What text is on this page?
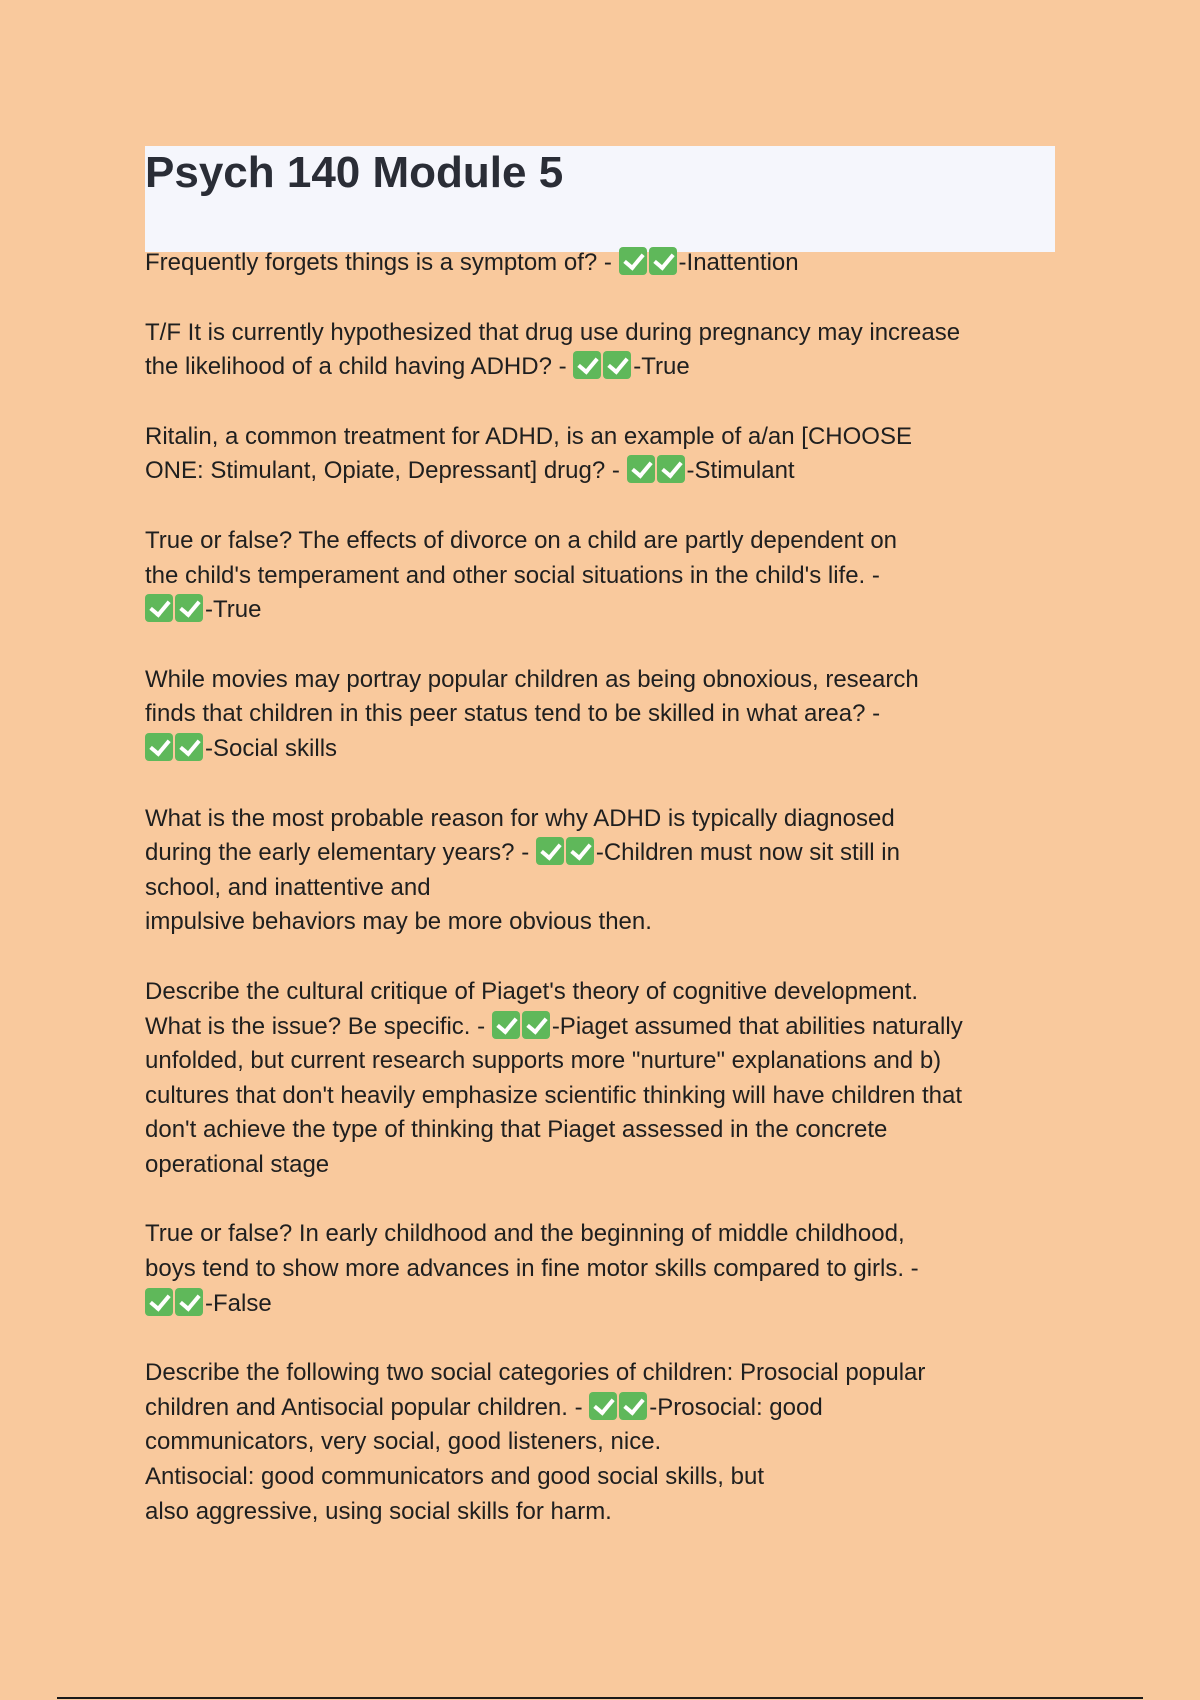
Psych 140 Module 5
Frequently forgets things is a symptom of? -	-Inattention
T/F It is currently hypothesized that drug use during pregnancy may increase
the likelihood of a child having ADHD? -	-True
Ritalin, a common treatment for ADHD, is an example of a/an [CHOOSE
ONE: Stimulant, Opiate, Depressant] drug? -	-Stimulant
True or false? The effects of divorce on a child are partly dependent on
the child's temperament and other social situations in the child's life. -
-True
While movies may portray popular children as being obnoxious, research
finds that children in this peer status tend to be skilled in what area? -
-Social skills
What is the most probable reason for why ADHD is typically diagnosed
during the early elementary years? -	-Children must now sit still in
school, and inattentive and
impulsive behaviors may be more obvious then.
Describe the cultural critique of Piaget's theory of cognitive development.
What is the issue? Be specific. -	-Piaget assumed that abilities naturally
unfolded, but current research supports more "nurture" explanations and b)
cultures that don't heavily emphasize scientific thinking will have children that
don't achieve the type of thinking that Piaget assessed in the concrete
operational stage
True or false? In early childhood and the beginning of middle childhood,
boys tend to show more advances in fine motor skills compared to girls. -
-False
Describe the following two social categories of children: Prosocial popular
children and Antisocial popular children. -	-Prosocial: good
communicators, very social, good listeners, nice.
Antisocial: good communicators and good social skills, but
also aggressive, using social skills for harm.
